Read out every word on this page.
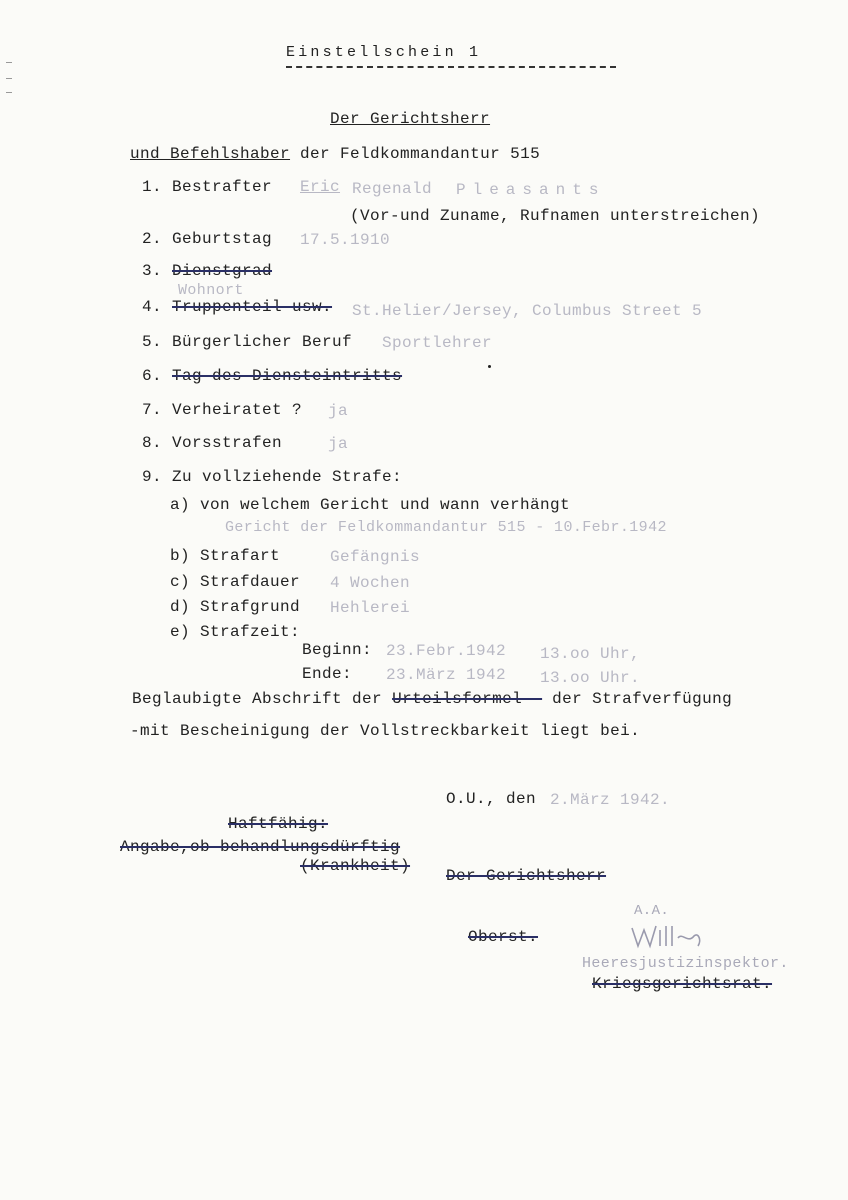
Einstellschein 1
Der Gerichtsherr
und Befehlshaber der Feldkommandantur 515
1. Bestrafter Eric Regenald Pleasants
(Vor-und Zuname, Rufnamen unterstreichen)
2. Geburtstag 17.5.1910
3. Dienstgrad
Wohnort
4. Truppenteil usw. St.Helier/Jersey, Columbus Street 5
5. Bürgerlicher Beruf Sportlehrer
6. Tag des Diensteintritts
7. Verheiratet ? ja
8. Vorsstrafen	ja
9. Zu vollziehende Strafe:
a) von welchem Gericht und wann verhängt
Gericht der Feldkommandantur 515 - 10.Febr.1942
b) Strafart	Gefängnis
c) Strafdauer 4 Wochen
d) Strafgrund Hehlerei
e) Strafzeit:
Beginn: 23.Febr.1942 13.oo Uhr,
Ende: 23.März 1942 13.oo Uhr.
Beglaubigte Abschrift der Urteilsformel - der Strafverfügung
-mit Bescheinigung der Vollstreckbarkeit liegt bei.
O.U., den 2.März 1942.
Haftfähig:
Angabe,ob behandlungsdürftig
(Krankheit)
Der Gerichtsherr
Oberst.
A.A.
Heeresjustizinspektor.
Kriegsgerichtsrat.
